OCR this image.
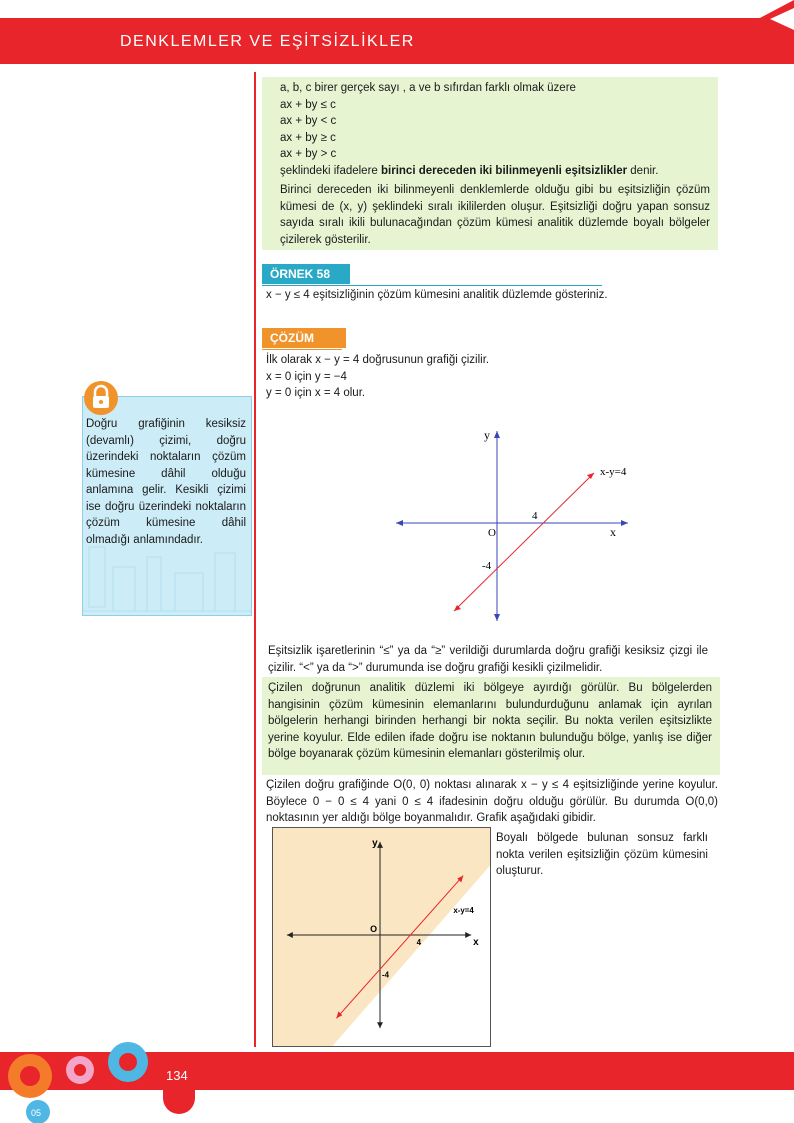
DENKLEMLER VE EŞİTSİZLİKLER
a, b, c birer gerçek sayı , a ve b sıfırdan farklı olmak üzere
ax + by ≤ c
ax + by < c
ax + by ≥ c
ax + by > c
şeklindeki ifadelere birinci dereceden iki bilinmeyenli eşitsizlikler denir.
Birinci dereceden iki bilinmeyenli denklemlerde olduğu gibi bu eşitsizliğin çözüm kümesi de (x, y) şeklindeki sıralı ikililerden oluşur. Eşitsizliği doğru yapan sonsuz sayıda sıralı ikili bulunacağından çözüm kümesi analitik düzlemde boyalı bölgeler çizilerek gösterilir.
ÖRNEK 58
x − y ≤ 4 eşitsizliğinin çözüm kümesini analitik düzlemde gösteriniz.
ÇÖZÜM
İlk olarak x − y = 4 doğrusunun grafiği çizilir.
x = 0 için y = −4
y = 0 için x = 4 olur.
y
x
O
4
-4
x-y=4
Eşitsizlik işaretlerinin “≤” ya da “≥” verildiği durumlarda doğru grafiği kesiksiz çizgi ile çizilir. “<” ya da “>” durumunda ise doğru grafiği kesikli çizilmelidir.
Çizilen doğrunun analitik düzlemi iki bölgeye ayırdığı görülür. Bu bölgelerden hangisinin çözüm kümesinin elemanlarını bulundurduğunu anlamak için ayrılan bölgelerin herhangi birinden herhangi bir nokta seçilir. Bu nokta verilen eşitsizlikte yerine koyulur. Elde edilen ifade doğru ise noktanın bulunduğu bölge, yanlış ise diğer bölge boyanarak çözüm kümesinin elemanları gösterilmiş olur.
Çizilen doğru grafiğinde O(0, 0) noktası alınarak x − y ≤ 4 eşitsizliğinde yerine koyulur. Böylece 0 − 0 ≤ 4 yani 0 ≤ 4 ifadesinin doğru olduğu görülür. Bu durumda O(0,0) noktasının yer aldığı bölge boyanmalıdır. Grafik aşağıdaki gibidir.
y
x
O
4
-4
x-y=4
Boyalı bölgede bulunan sonsuz farklı nokta verilen eşitsizliğin çözüm kümesini oluşturur.
Doğru grafiğinin kesiksiz (devamlı) çizimi, doğru üzerindeki noktaların çözüm kümesine dâhil olduğu anlamına gelir. Kesikli çizimi ise doğru üzerindeki noktaların çözüm kümesine dâhil olmadığı anlamındadır.
05
134
